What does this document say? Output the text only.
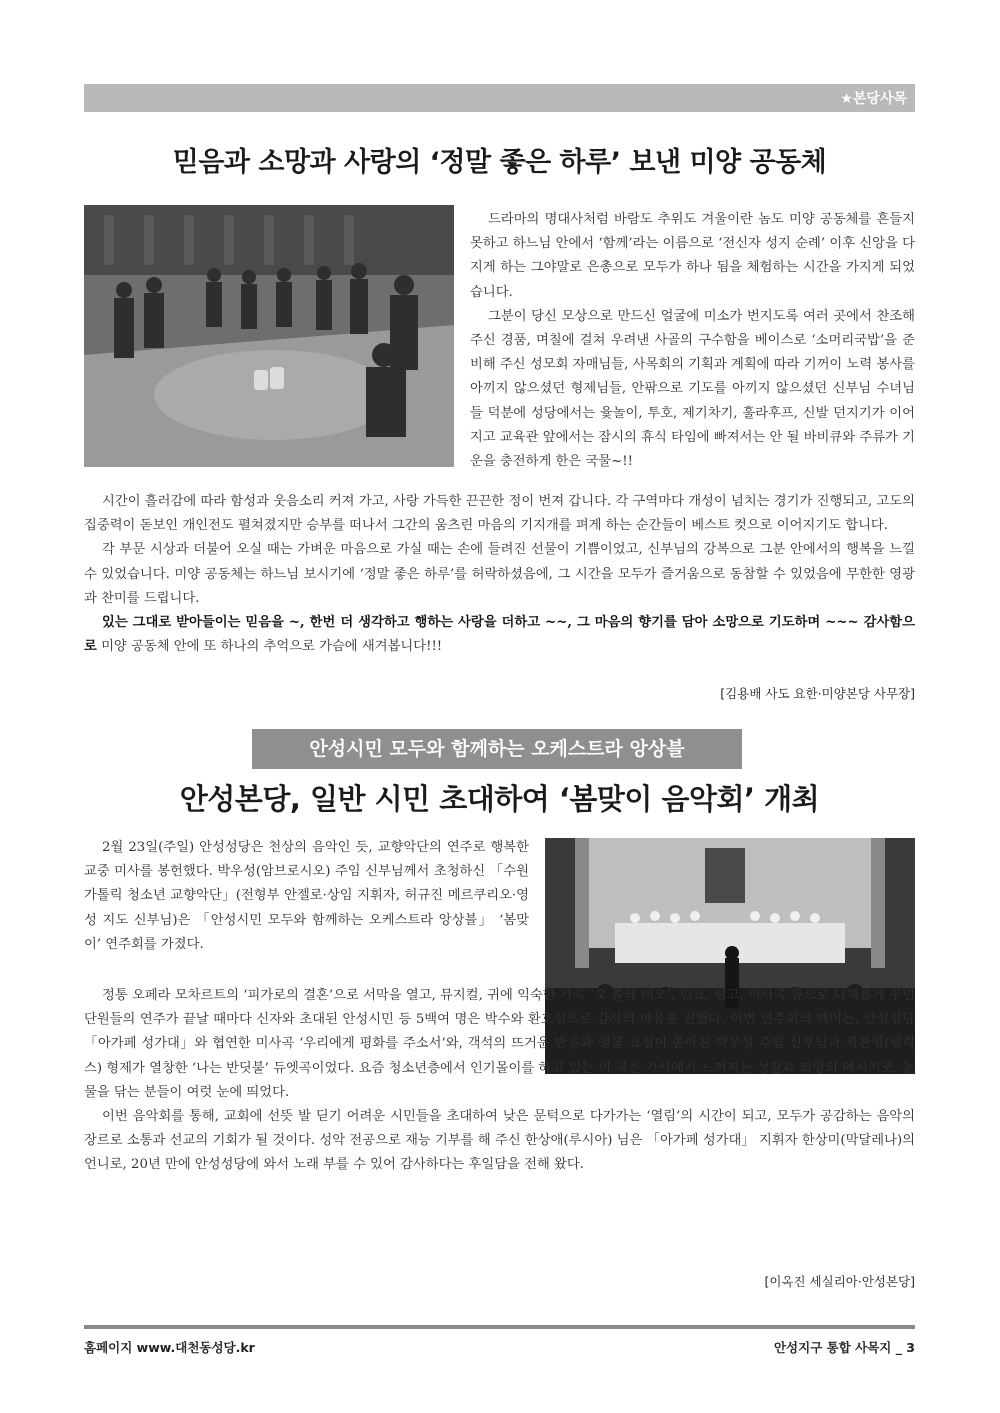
★본당사목
믿음과 소망과 사랑의 ‘정말 좋은 하루’ 보낸 미양 공동체

드라마의 명대사처럼 바람도 추위도 겨울이란 놈도 미양 공동체를 흔들지 못하고 하느님 안에서 ‘함께’라는 이름으로 ‘전신자 성지 순례’ 이후 신앙을 다지게 하는 그야말로 은총으로 모두가 하나 됨을 체험하는 시간을 가지게 되었습니다.

그분이 당신 모상으로 만드신 얼굴에 미소가 번지도록 여러 곳에서 찬조해 주신 경품, 며칠에 걸쳐 우려낸 사골의 구수함을 베이스로 ‘소머리국밥’을 준비해 주신 성모회 자매님들, 사목회의 기획과 계획에 따라 기꺼이 노력 봉사를 아끼지 않으셨던 형제님들, 안팎으로 기도를 아끼지 않으셨던 신부님 수녀님들 덕분에 성당에서는 윷놀이, 투호, 제기차기, 훌라후프, 신발 던지기가 이어지고 교육관 앞에서는 잠시의 휴식 타임에 빠져서는 안 될 바비큐와 주류가 기운을 충전하게 한은 국물~!!

시간이 흘러감에 따라 함성과 웃음소리 커져 가고, 사랑 가득한 끈끈한 정이 번져 갑니다. 각 구역마다 개성이 넘치는 경기가 진행되고, 고도의 집중력이 돋보인 개인전도 펼쳐졌지만 승부를 떠나서 그간의 움츠린 마음의 기지개를 펴게 하는 순간들이 베스트 컷으로 이어지기도 합니다.

각 부문 시상과 더불어 오실 때는 가벼운 마음으로 가실 때는 손에 들려진 선물이 기쁨이었고, 신부님의 강복으로 그분 안에서의 행복을 느낄 수 있었습니다. 미양 공동체는 하느님 보시기에 ‘정말 좋은 하루’를 허락하셨음에, 그 시간을 모두가 즐거움으로 동참할 수 있었음에 무한한 영광과 찬미를 드립니다.

있는 그대로 받아들이는 믿음을 ~, 한번 더 생각하고 행하는 사랑을 더하고 ~~, 그 마음의 향기를 담아 소망으로 기도하며 ~~~ 감사함으로 미양 공동체 안에 또 하나의 추억으로 가슴에 새겨봅니다!!!

[김용배 사도 요한·미양본당 사무장]
안성시민 모두와 함께하는 오케스트라 앙상블
안성본당, 일반 시민 초대하여 ‘봄맞이 음악회’ 개최

2월 23일(주일) 안성성당은 천상의 음악인 듯, 교향악단의 연주로 행복한 교중 미사를 봉헌했다. 박우성(암브로시오) 주임 신부님께서 초청하신 「수원 가톨릭 청소년 교향악단」(전형부 안젤로·상임 지휘자, 허규진 메르쿠리오·영성 지도 신부님)은 「안성시민 모두와 함께하는 오케스트라 앙상블」 ‘봄맞이’ 연주회를 가졌다.

정통 오페라 모차르트의 ‘피가로의 결혼’으로 서막을 열고, 뮤지컬, 귀에 익숙한 가곡 ‘오 쏠레 미오’, 민요, 탱고, 미사곡 등으로 다채롭게 꾸민 단원들의 연주가 끝날 때마다 신자와 초대된 안성시민 등 5백여 명은 박수와 환호성으로 감사의 마음을 전했다. 이번 연주회의 백미는, 안성성당 「아가페 성가대」와 협연한 미사곡 ‘우리에게 평화를 주소서’와, 객석의 뜨거운 반응과 앵콜 요청이 쏟아진 박우성 주임 신부님과 곽찬영(펠릭스) 형제가 열창한 ‘나는 반딧불’ 듀엣곡이었다. 요즘 청소년층에서 인기몰이를 하고 있는 이 곡은 가사에서 느껴지는 성찰과 희망의 메시지로, 눈물을 닦는 분들이 여럿 눈에 띄었다.

이번 음악회를 통해, 교회에 선뜻 발 딛기 어려운 시민들을 초대하여 낮은 문턱으로 다가가는 ‘열림’의 시간이 되고, 모두가 공감하는 음악의 장르로 소통과 선교의 기회가 될 것이다. 성악 전공으로 재능 기부를 해 주신 한상애(루시아) 님은 「아가페 성가대」 지휘자 한상미(막달레나)의 언니로, 20년 만에 안성성당에 와서 노래 부를 수 있어 감사하다는 후일담을 전해 왔다.

[이옥진 세실리아·안성본당]
홈페이지 www.대천동성당.kr	안성지구 통합 사목지 _ 3
